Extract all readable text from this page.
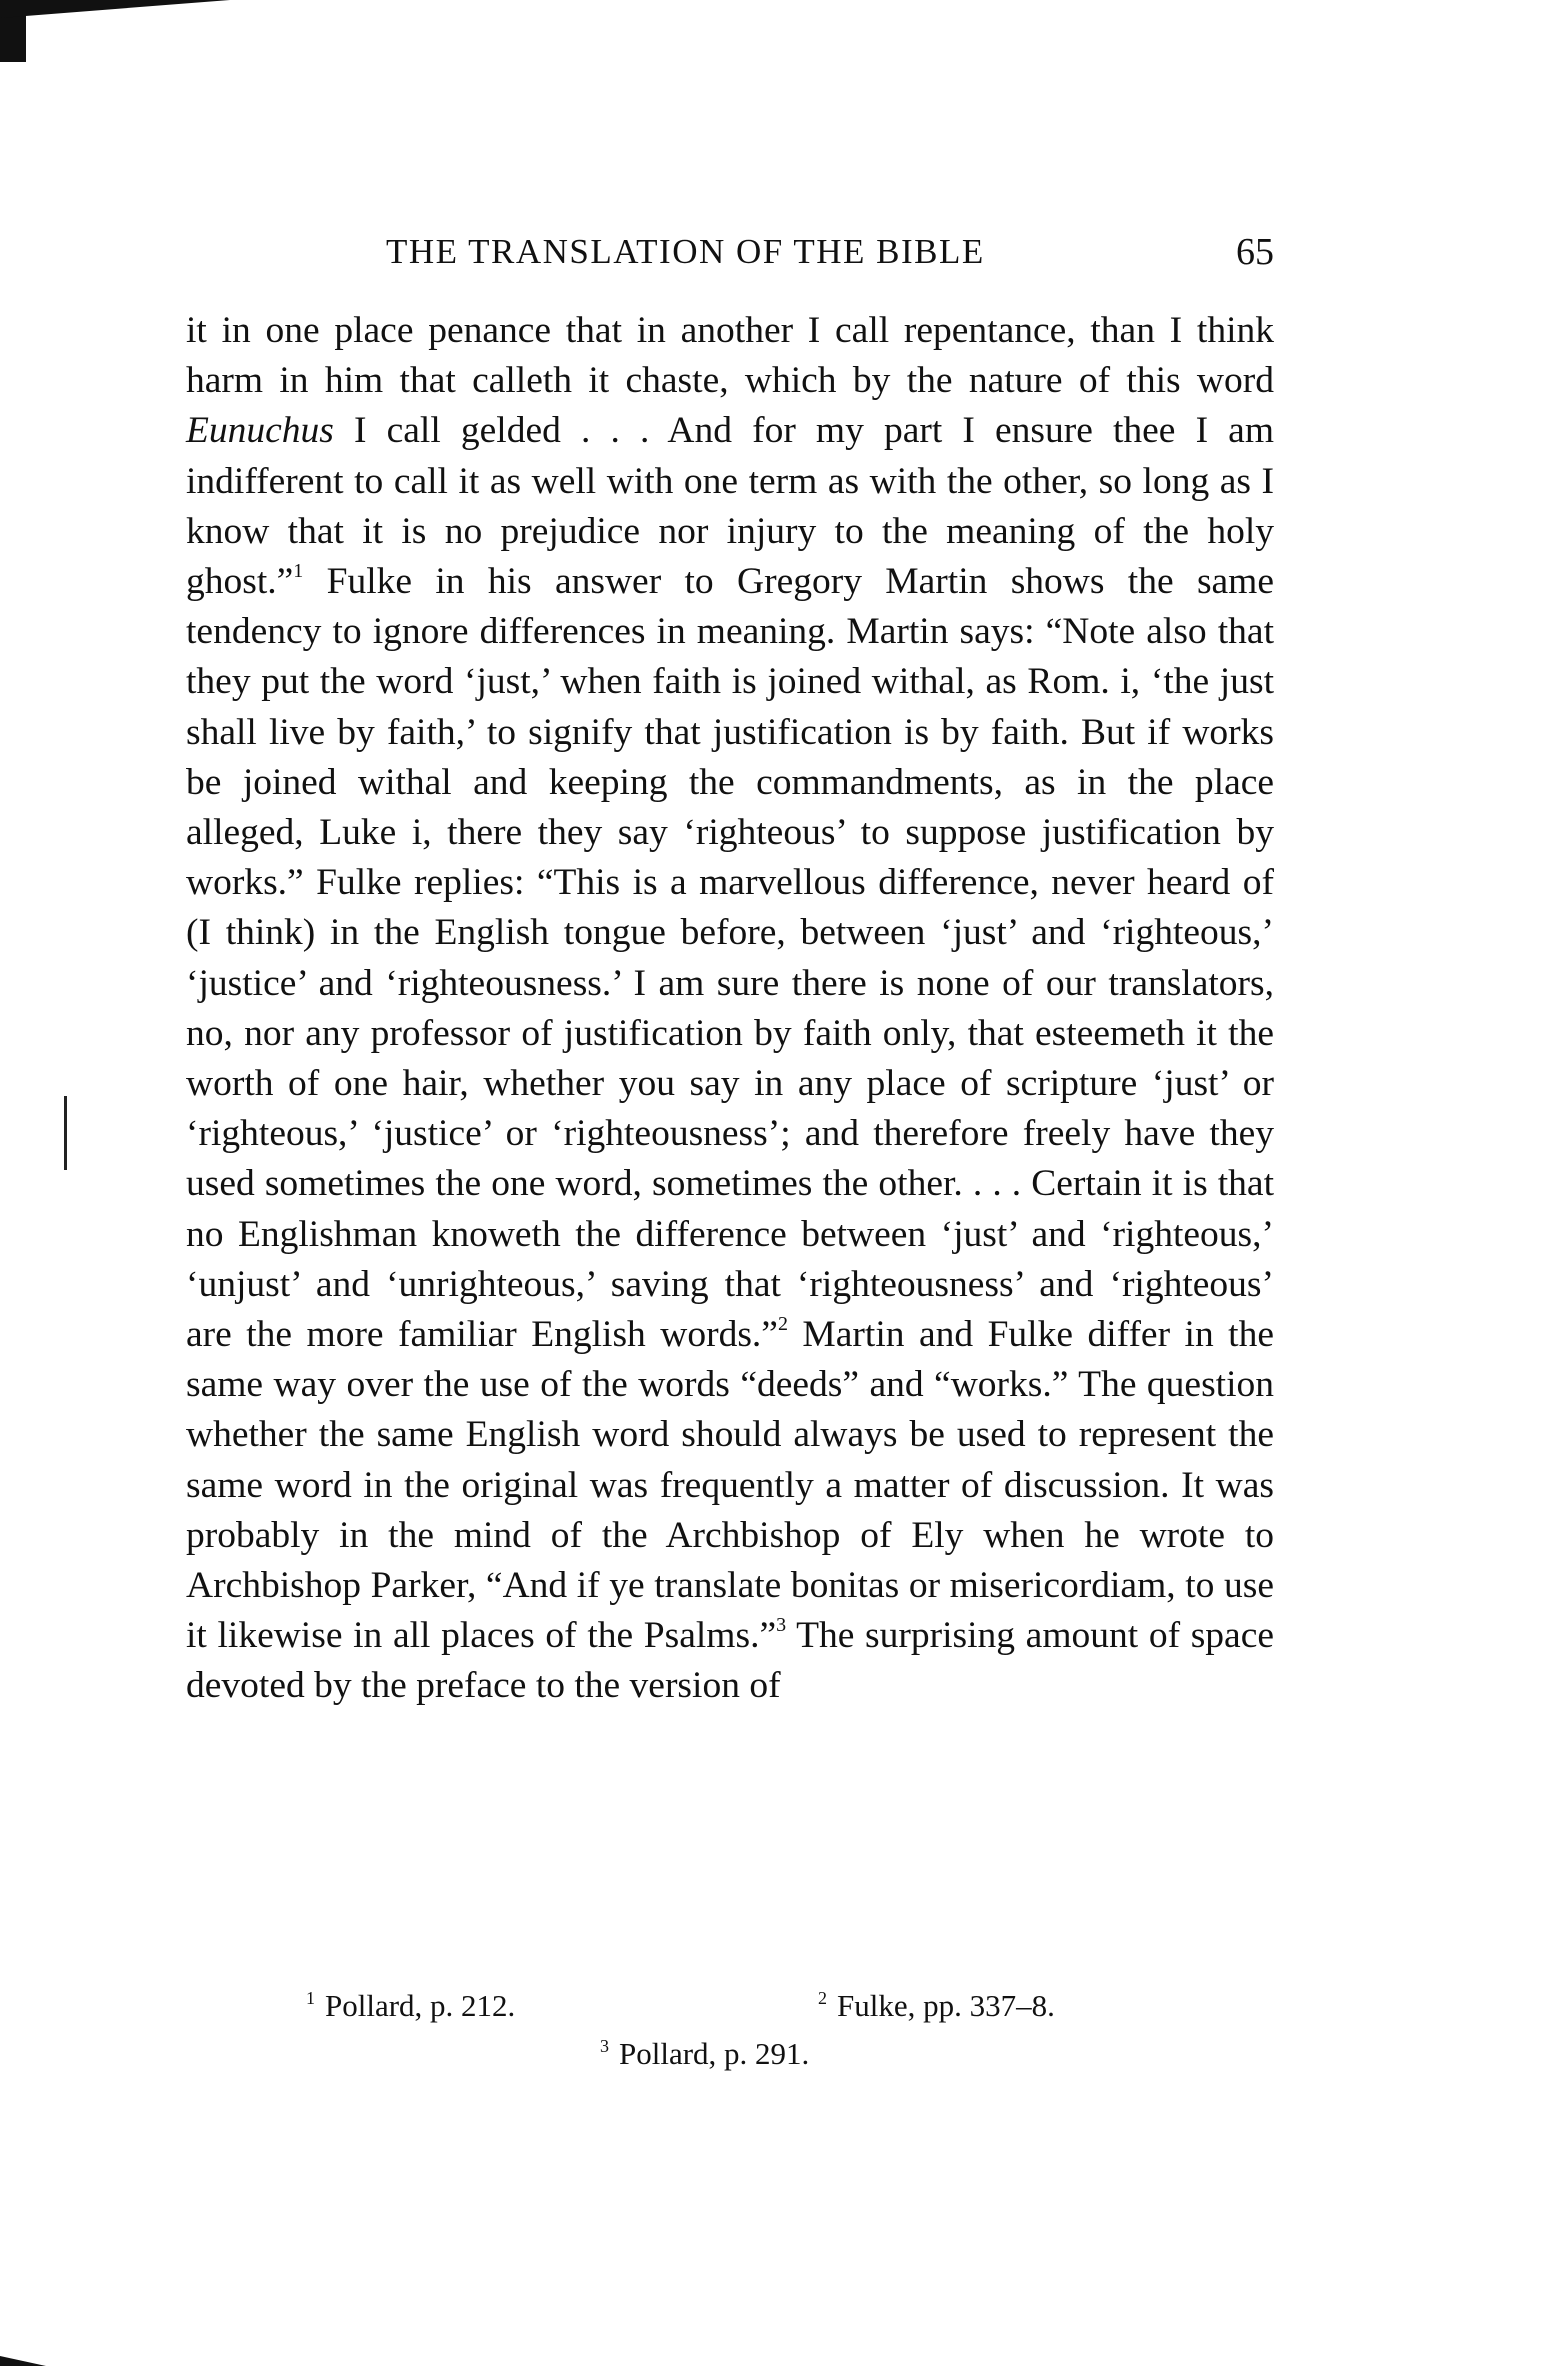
THE TRANSLATION OF THE BIBLE	65

it in one place penance that in another I call repentance, than I think harm in him that calleth it chaste, which by the nature of this word Eunuchus I call gelded . . . And for my part I ensure thee I am indifferent to call it as well with one term as with the other, so long as I know that it is no prejudice nor injury to the meaning of the holy ghost.”$^1$ Fulke in his answer to Gregory Martin shows the same tendency to ignore differences in meaning. Martin says: “Note also that they put the word ‘just,’ when faith is joined withal, as Rom. i, ‘the just shall live by faith,’ to signify that justification is by faith. But if works be joined withal and keeping the commandments, as in the place alleged, Luke i, there they say ‘righteous’ to suppose justification by works.” Fulke replies: “This is a marvellous difference, never heard of (I think) in the English tongue before, between ‘just’ and ‘righteous,’ ‘justice’ and ‘righteousness.’ I am sure there is none of our translators, no, nor any professor of justification by faith only, that esteemeth it the worth of one hair, whether you say in any place of scripture ‘just’ or ‘righteous,’ ‘justice’ or ‘righteousness’; and therefore freely have they used sometimes the one word, sometimes the other. . . . Certain it is that no Englishman knoweth the difference between ‘just’ and ‘righteous,’ ‘unjust’ and ‘unrighteous,’ saving that ‘righteousness’ and ‘righteous’ are the more familiar English words.”$^2$ Martin and Fulke differ in the same way over the use of the words “deeds” and “works.” The question whether the same English word should always be used to represent the same word in the original was frequently a matter of discussion. It was probably in the mind of the Archbishop of Ely when he wrote to Archbishop Parker, “And if ye translate bonitas or misericordiam, to use it likewise in all places of the Psalms.”$^3$ The surprising amount of space devoted by the preface to the version of

$^1$ Pollard, p. 212.	$^2$ Fulke, pp. 337–8.
$^3$ Pollard, p. 291.
